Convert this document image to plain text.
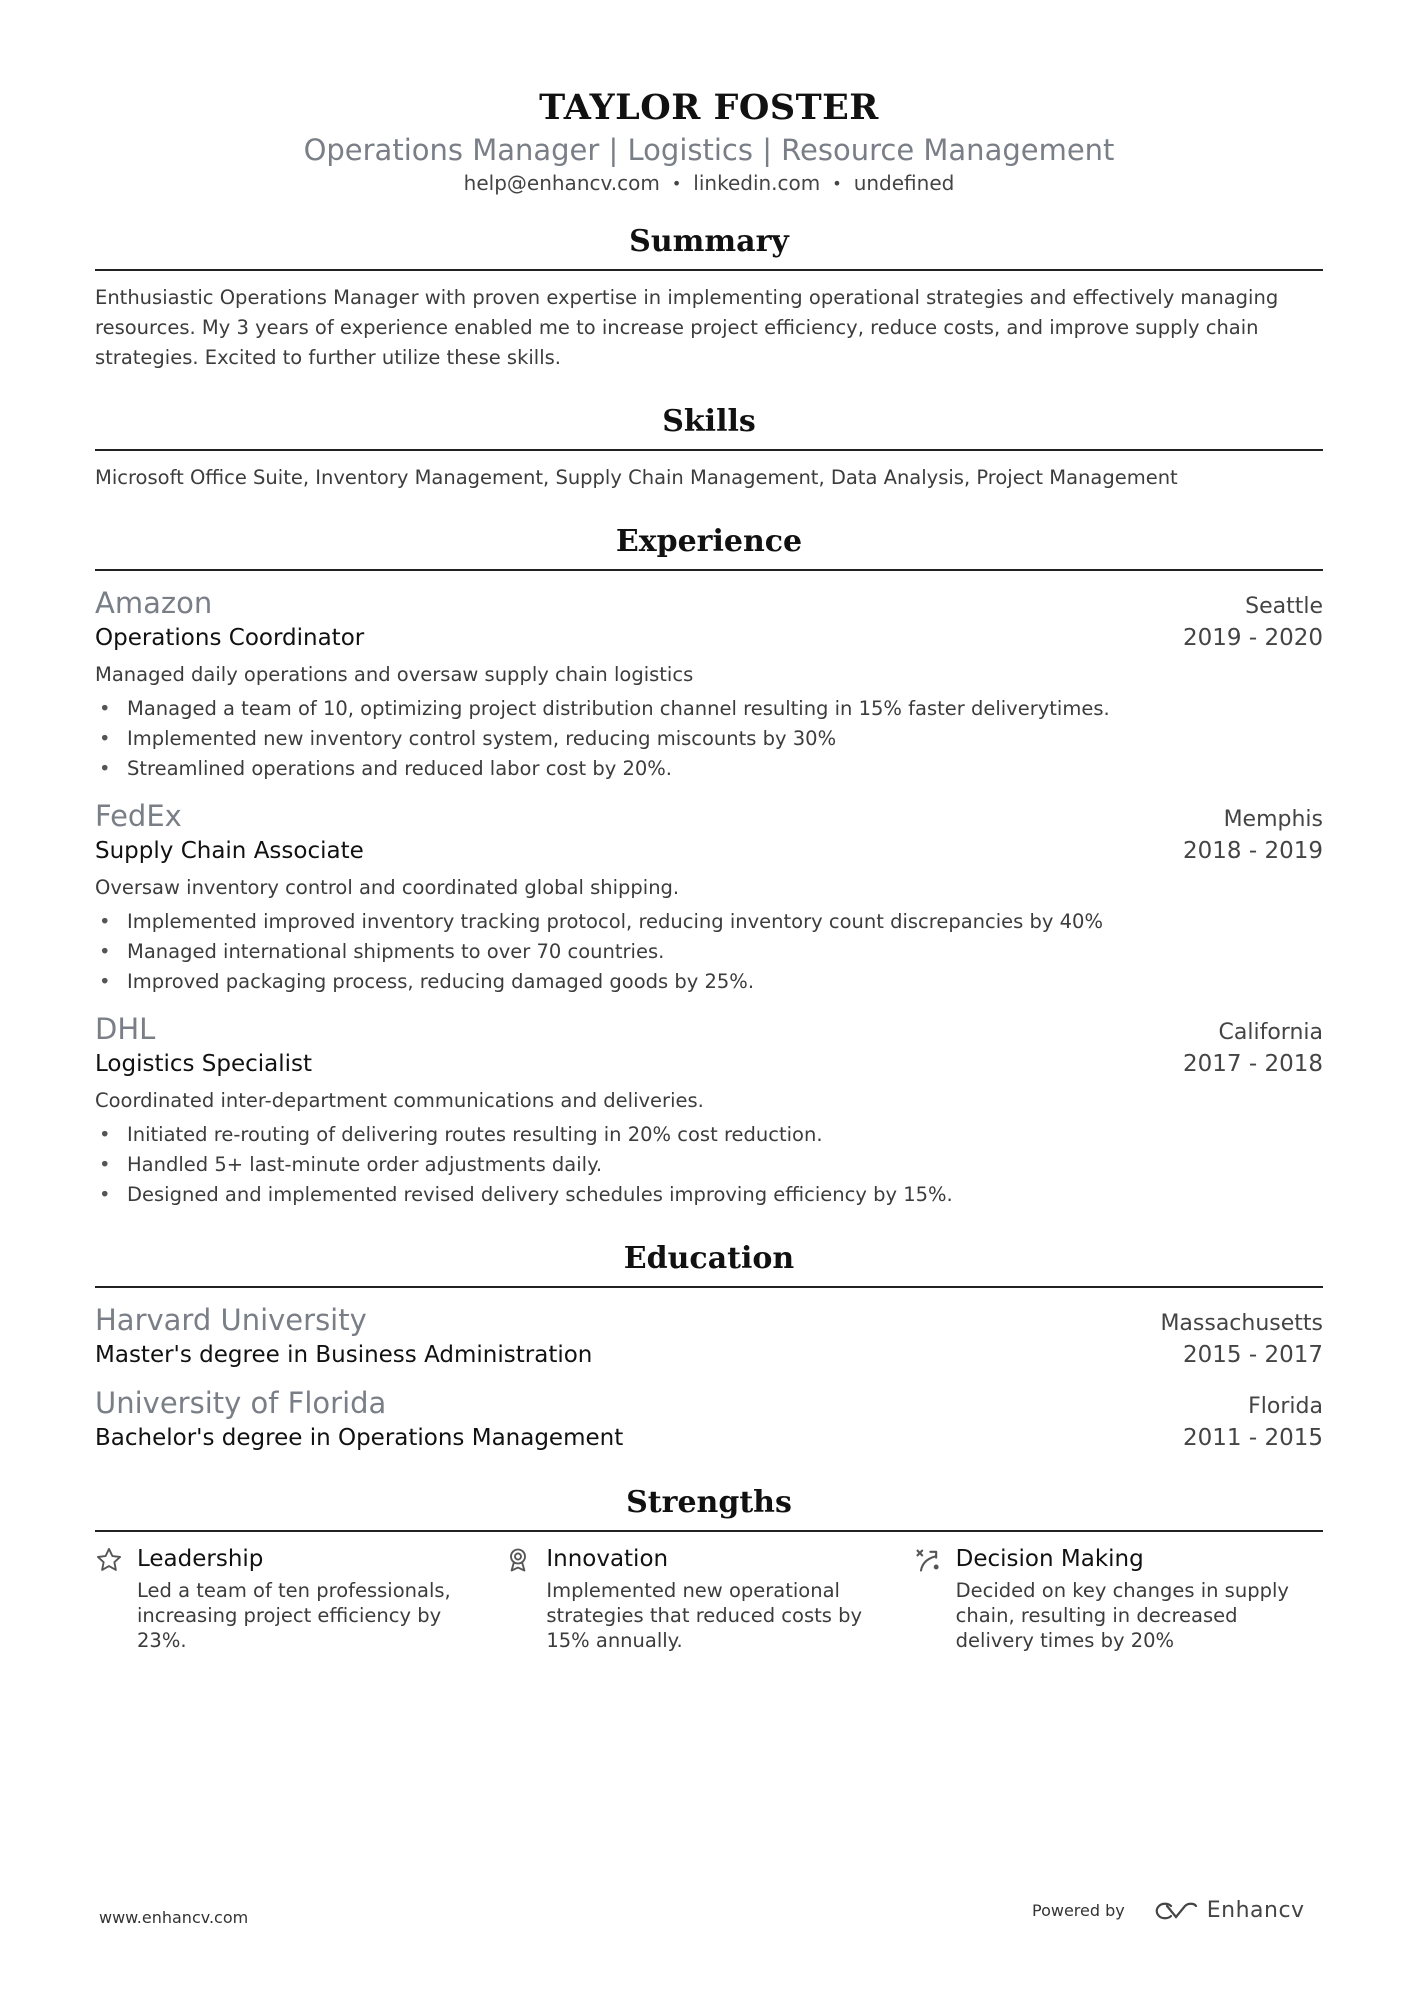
TAYLOR FOSTER
Operations Manager | Logistics | Resource Management
help@enhancv.com • linkedin.com • undefined
Summary
Enthusiastic Operations Manager with proven expertise in implementing operational strategies and effectively managing resources. My 3 years of experience enabled me to increase project efficiency, reduce costs, and improve supply chain strategies. Excited to further utilize these skills.
Skills
Microsoft Office Suite, Inventory Management, Supply Chain Management, Data Analysis, Project Management
Experience
Amazon	Seattle
Operations Coordinator	2019 - 2020
Managed daily operations and oversaw supply chain logistics
• Managed a team of 10, optimizing project distribution channel resulting in 15% faster deliverytimes.
• Implemented new inventory control system, reducing miscounts by 30%
• Streamlined operations and reduced labor cost by 20%.
FedEx	Memphis
Supply Chain Associate	2018 - 2019
Oversaw inventory control and coordinated global shipping.
• Implemented improved inventory tracking protocol, reducing inventory count discrepancies by 40%
• Managed international shipments to over 70 countries.
• Improved packaging process, reducing damaged goods by 25%.
DHL	California
Logistics Specialist	2017 - 2018
Coordinated inter-department communications and deliveries.
• Initiated re-routing of delivering routes resulting in 20% cost reduction.
• Handled 5+ last-minute order adjustments daily.
• Designed and implemented revised delivery schedules improving efficiency by 15%.
Education
Harvard University	Massachusetts
Master's degree in Business Administration	2015 - 2017
University of Florida	Florida
Bachelor's degree in Operations Management	2011 - 2015
Strengths
Leadership
Led a team of ten professionals, increasing project efficiency by 23%.
Innovation
Implemented new operational strategies that reduced costs by 15% annually.
Decision Making
Decided on key changes in supply chain, resulting in decreased delivery times by 20%
www.enhancv.com	Powered by	Enhancv
